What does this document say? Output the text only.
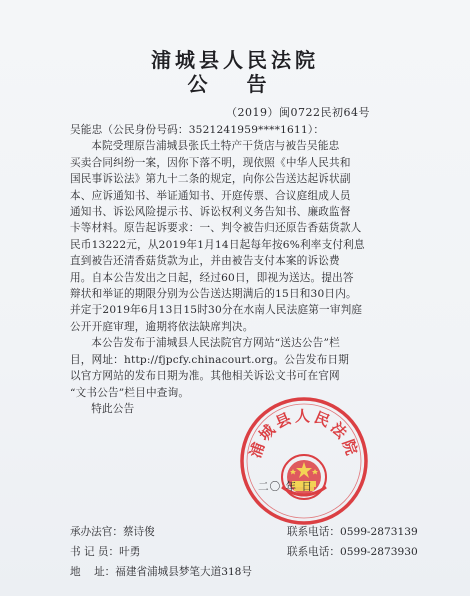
浦城县人民法院
公 告
（2019）闽0722民初64号

吴能忠（公民身份号码：3521241959****1611）：

本院受理原告浦城县张氏土特产干货店与被告吴能忠

买卖合同纠纷一案，因你下落不明，现依照《中华人民共和

国民事诉讼法》第九十二条的规定，向你公告送达起诉状副

本、应诉通知书、举证通知书、开庭传票、合议庭组成人员

通知书、诉讼风险提示书、诉讼权利义务告知书、廉政监督

卡等材料。原告起诉要求：一、判令被告归还原告香菇货款人

民币13222元，从2019年1月14日起每年按6%利率支付利息

直到被告还清香菇货款为止，并由被告支付本案的诉讼费

用。自本公告发出之日起，经过60日，即视为送达。提出答

辩状和举证的期限分别为公告送达期满后的15日和30日内。

并定于2019年6月13日15时30分在水南人民法庭第一审判庭

公开开庭审理，逾期将依法缺席判决。

本公告发布于浦城县人民法院官方网站“送达公告”栏

目，网址：http://fjpcfy.chinacourt.org。公告发布日期

以官方网站的发布日期为准。其他相关诉讼文书可在官网

“文书公告”栏目中查询。

特此公告

浦城县人民法院
二〇 年 日
承办法官：蔡诗俊	联系电话：0599-2873139
书 记 员：叶勇	联系电话：0599-2873930
地    址：福建省浦城县梦笔大道318号
